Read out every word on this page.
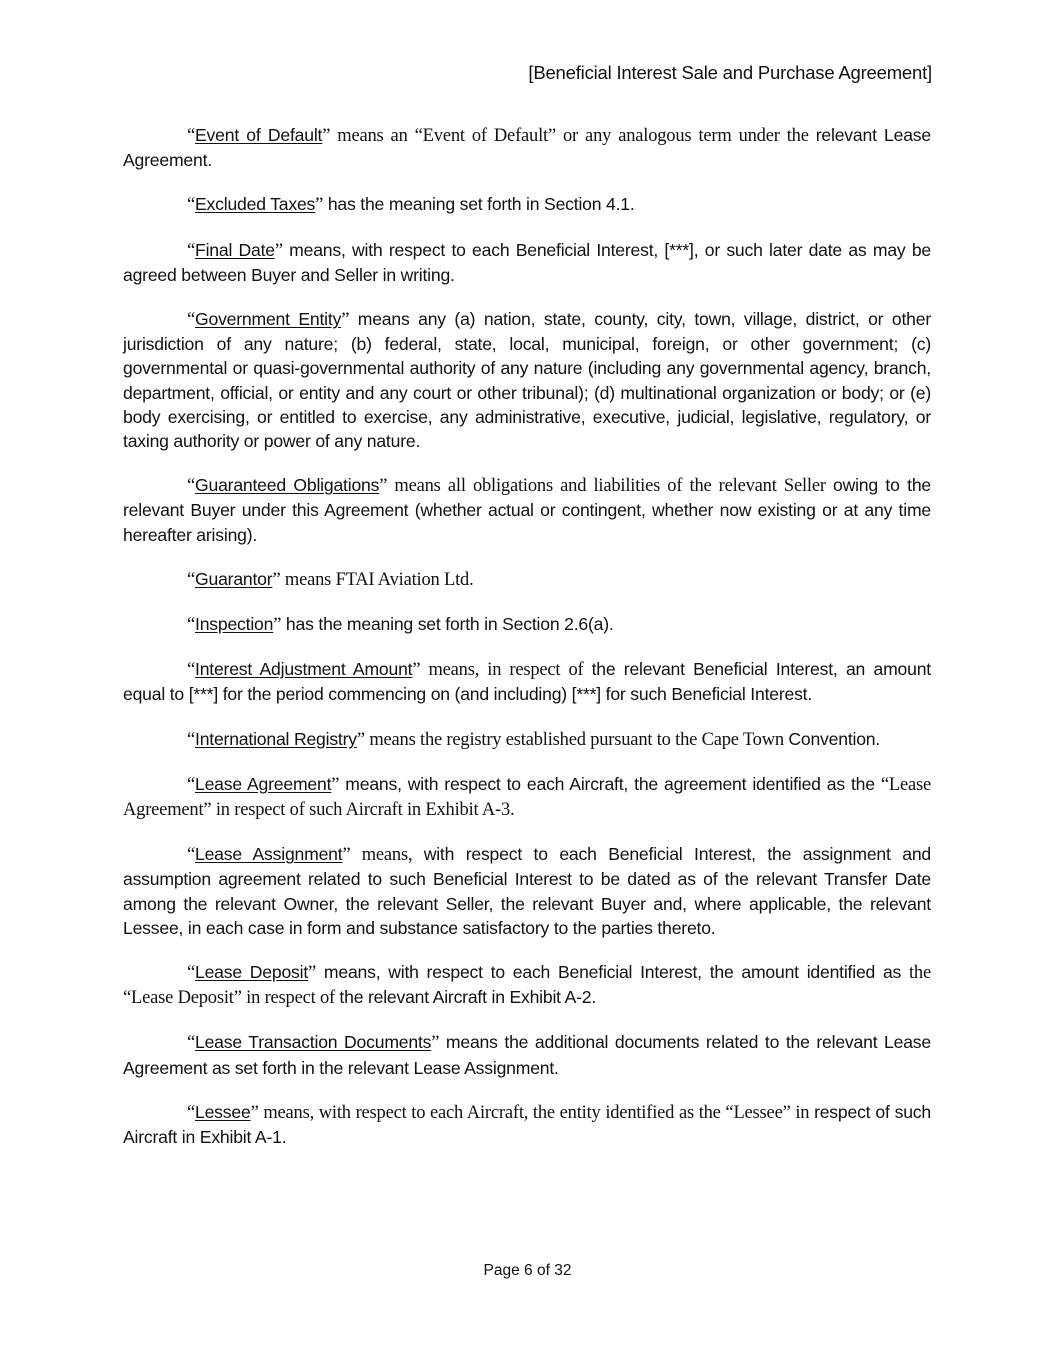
[Beneficial Interest Sale and Purchase Agreement]

“Event of Default” means an “Event of Default” or any analogous term under the relevant Lease Agreement.

“Excluded Taxes” has the meaning set forth in Section 4.1.

“Final Date” means, with respect to each Beneficial Interest, [***], or such later date as may be agreed between Buyer and Seller in writing.

“Government Entity” means any (a) nation, state, county, city, town, village, district, or other jurisdiction of any nature; (b) federal, state, local, municipal, foreign, or other government; (c) governmental or quasi-governmental authority of any nature (including any governmental agency, branch, department, official, or entity and any court or other tribunal); (d) multinational organization or body; or (e) body exercising, or entitled to exercise, any administrative, executive, judicial, legislative, regulatory, or taxing authority or power of any nature.

“Guaranteed Obligations” means all obligations and liabilities of the relevant Seller owing to the relevant Buyer under this Agreement (whether actual or contingent, whether now existing or at any time hereafter arising).

“Guarantor” means FTAI Aviation Ltd.

“Inspection” has the meaning set forth in Section 2.6(a).

“Interest Adjustment Amount” means, in respect of the relevant Beneficial Interest, an amount equal to [***] for the period commencing on (and including) [***] for such Beneficial Interest.

“International Registry” means the registry established pursuant to the Cape Town Convention.

“Lease Agreement” means, with respect to each Aircraft, the agreement identified as the “Lease Agreement” in respect of such Aircraft in Exhibit A-3.

“Lease Assignment” means, with respect to each Beneficial Interest, the assignment and assumption agreement related to such Beneficial Interest to be dated as of the relevant Transfer Date among the relevant Owner, the relevant Seller, the relevant Buyer and, where applicable, the relevant Lessee, in each case in form and substance satisfactory to the parties thereto.

“Lease Deposit” means, with respect to each Beneficial Interest, the amount identified as the “Lease Deposit” in respect of the relevant Aircraft in Exhibit A-2.

“Lease Transaction Documents” means the additional documents related to the relevant Lease Agreement as set forth in the relevant Lease Assignment.

“Lessee” means, with respect to each Aircraft, the entity identified as the “Lessee” in respect of such Aircraft in Exhibit A-1.

Page 6 of 32
